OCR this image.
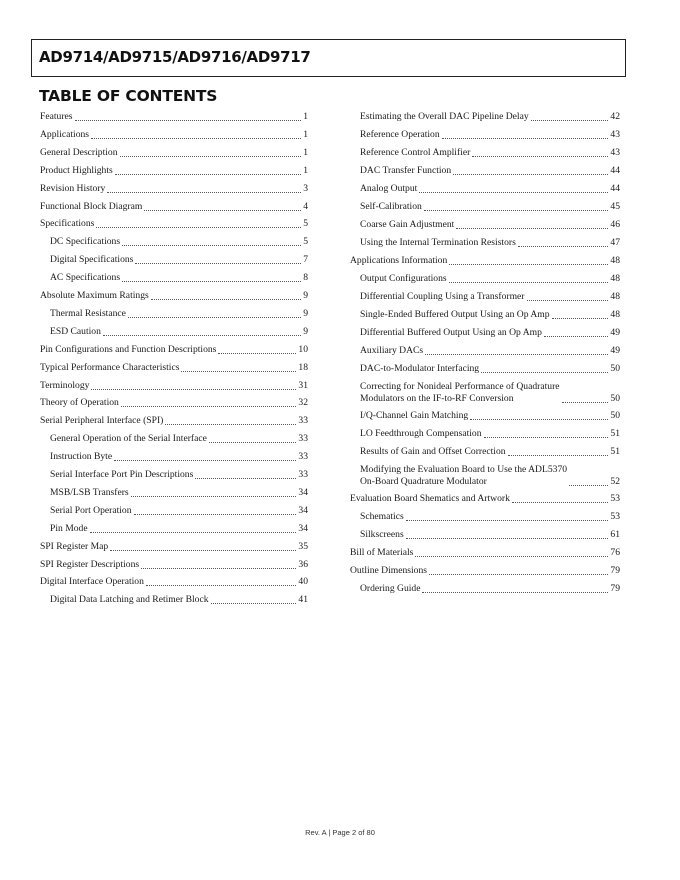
AD9714/AD9715/AD9716/AD9717
TABLE OF CONTENTS
Features	1
Applications	1
General Description	1
Product Highlights	1
Revision History	3
Functional Block Diagram	4
Specifications	5
DC Specifications	5
Digital Specifications	7
AC Specifications	8
Absolute Maximum Ratings	9
Thermal Resistance	9
ESD Caution	9
Pin Configurations and Function Descriptions	10
Typical Performance Characteristics	18
Terminology	31
Theory of Operation	32
Serial Peripheral Interface (SPI)	33
General Operation of the Serial Interface	33
Instruction Byte	33
Serial Interface Port Pin Descriptions	33
MSB/LSB Transfers	34
Serial Port Operation	34
Pin Mode	34
SPI Register Map	35
SPI Register Descriptions	36
Digital Interface Operation	40
Digital Data Latching and Retimer Block	41
Estimating the Overall DAC Pipeline Delay	42
Reference Operation	43
Reference Control Amplifier	43
DAC Transfer Function	44
Analog Output	44
Self-Calibration	45
Coarse Gain Adjustment	46
Using the Internal Termination Resistors	47
Applications Information	48
Output Configurations	48
Differential Coupling Using a Transformer	48
Single-Ended Buffered Output Using an Op Amp	48
Differential Buffered Output Using an Op Amp	49
Auxiliary DACs	49
DAC-to-Modulator Interfacing	50
Correcting for Nonideal Performance of Quadrature
Modulators on the IF-to-RF Conversion	50
I/Q-Channel Gain Matching	50
LO Feedthrough Compensation	51
Results of Gain and Offset Correction	51
Modifying the Evaluation Board to Use the ADL5370
On-Board Quadrature Modulator	52
Evaluation Board Shematics and Artwork	53
Schematics	53
Silkscreens	61
Bill of Materials	76
Outline Dimensions	79
Ordering Guide	79
Rev. A | Page 2 of 80
